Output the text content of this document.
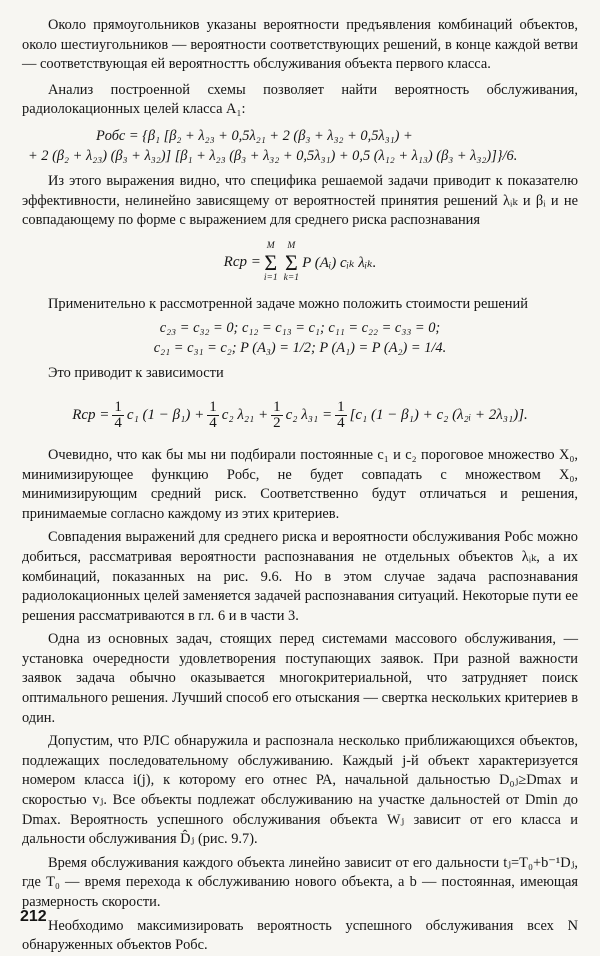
Около прямоугольников указаны вероятности предъявления комбинаций объектов, около шестиугольников — вероятности соответствующих решений, в конце каждой ветви — соответствующая ей вероятностть обслуживания объекта первого класса.

Анализ построенной схемы позволяет найти вероятность обслуживания, радиолокационных целей класса A₁:

Pобс = {β₁ [β₂ + λ₂₃ + 0,5λ₂₁ + 2 (β₃ + λ₃₂ + 0,5λ₃₁) +
+ 2 (β₂ + λ₂₃) (β₃ + λ₃₂)] [β₁ + λ₂₃ (β₃ + λ₃₂ + 0,5λ₃₁) + 0,5 (λ₁₂ + λ₁₃) (β₃ + λ₃₂)]}/6.

Из этого выражения видно, что специфика решаемой задачи приводит к показателю эффективности, нелинейно зависящему от вероятностей принятия решений λᵢₖ и βᵢ и не совпадающему по форме с выражением для среднего риска распознавания

Rср =
M
Σ
i=1
M
Σ
k=1
P (Aᵢ) cᵢₖ λᵢₖ.

Применительно к рассмотренной задаче можно положить стоимости решений

c₂₃ = c₃₂ = 0; c₁₂ = c₁₃ = c₁; c₁₁ = c₂₂ = c₃₃ = 0;
c₂₁ = c₃₁ = c₂; P (A₃) = 1/2; P (A₁) = P (A₂) = 1/4.

Это приводит к зависимости

Rср = $\frac{1}{4} c_1$ $(1 - \beta_1) + \frac{1}{4} c_2$ $\lambda_{21} + \frac{1}{2} c_2$ $\lambda_{31} = \frac{1}{4} [c_1$ (1 − β₁) + c₂ (λ₂ᵢ + 2λ₃₁)].

Очевидно, что как бы мы ни подбирали постоянные c₁ и c₂ пороговое множество X₀, минимизирующее функцию Pобс, не будет совпадать с множеством X₀, минимизирующим средний риск. Соответственно будут отличаться и решения, принимаемые согласно каждому из этих критериев.

Совпадения выражений для среднего риска и вероятности обслуживания Pобс можно добиться, рассматривая вероятности распознавания не отдельных объектов λᵢₖ, а их комбинаций, показанных на рис. 9.6. Но в этом случае задача распознавания радиолокационных целей заменяется задачей распознавания ситуаций. Некоторые пути ее решения рассматриваются в гл. 6 и в части 3.

Одна из основных задач, стоящих перед системами массового обслуживания, — установка очередности удовлетворения поступающих заявок. При разной важности заявок задача обычно оказывается многокритериальной, что затрудняет поиск оптимального решения. Лучший способ его отыскания — свертка нескольких критериев в один.

Допустим, что РЛС обнаружила и распознала несколько приближающихся объектов, подлежащих последовательному обслуживанию. Каждый j-й объект характеризуется номером класса i(j), к которому его отнес РА, начальной дальностью D₀ⱼ≥Dmax и скоростью vⱼ. Все объекты подлежат обслуживанию на участке дальностей от Dmin до Dmax. Вероятность успешного обслуживания объекта Wⱼ зависит от его класса и дальности обслуживания D̂ⱼ (рис. 9.7).

Время обслуживания каждого объекта линейно зависит от его дальности tⱼ=T₀+b⁻¹Dⱼ, где T₀ — время перехода к обслуживанию нового объекта, а b — постоянная, имеющая размерность скорости.

Необходимо максимизировать вероятность успешного обслуживания всех N обнаруженных объектов Pобс.

212
